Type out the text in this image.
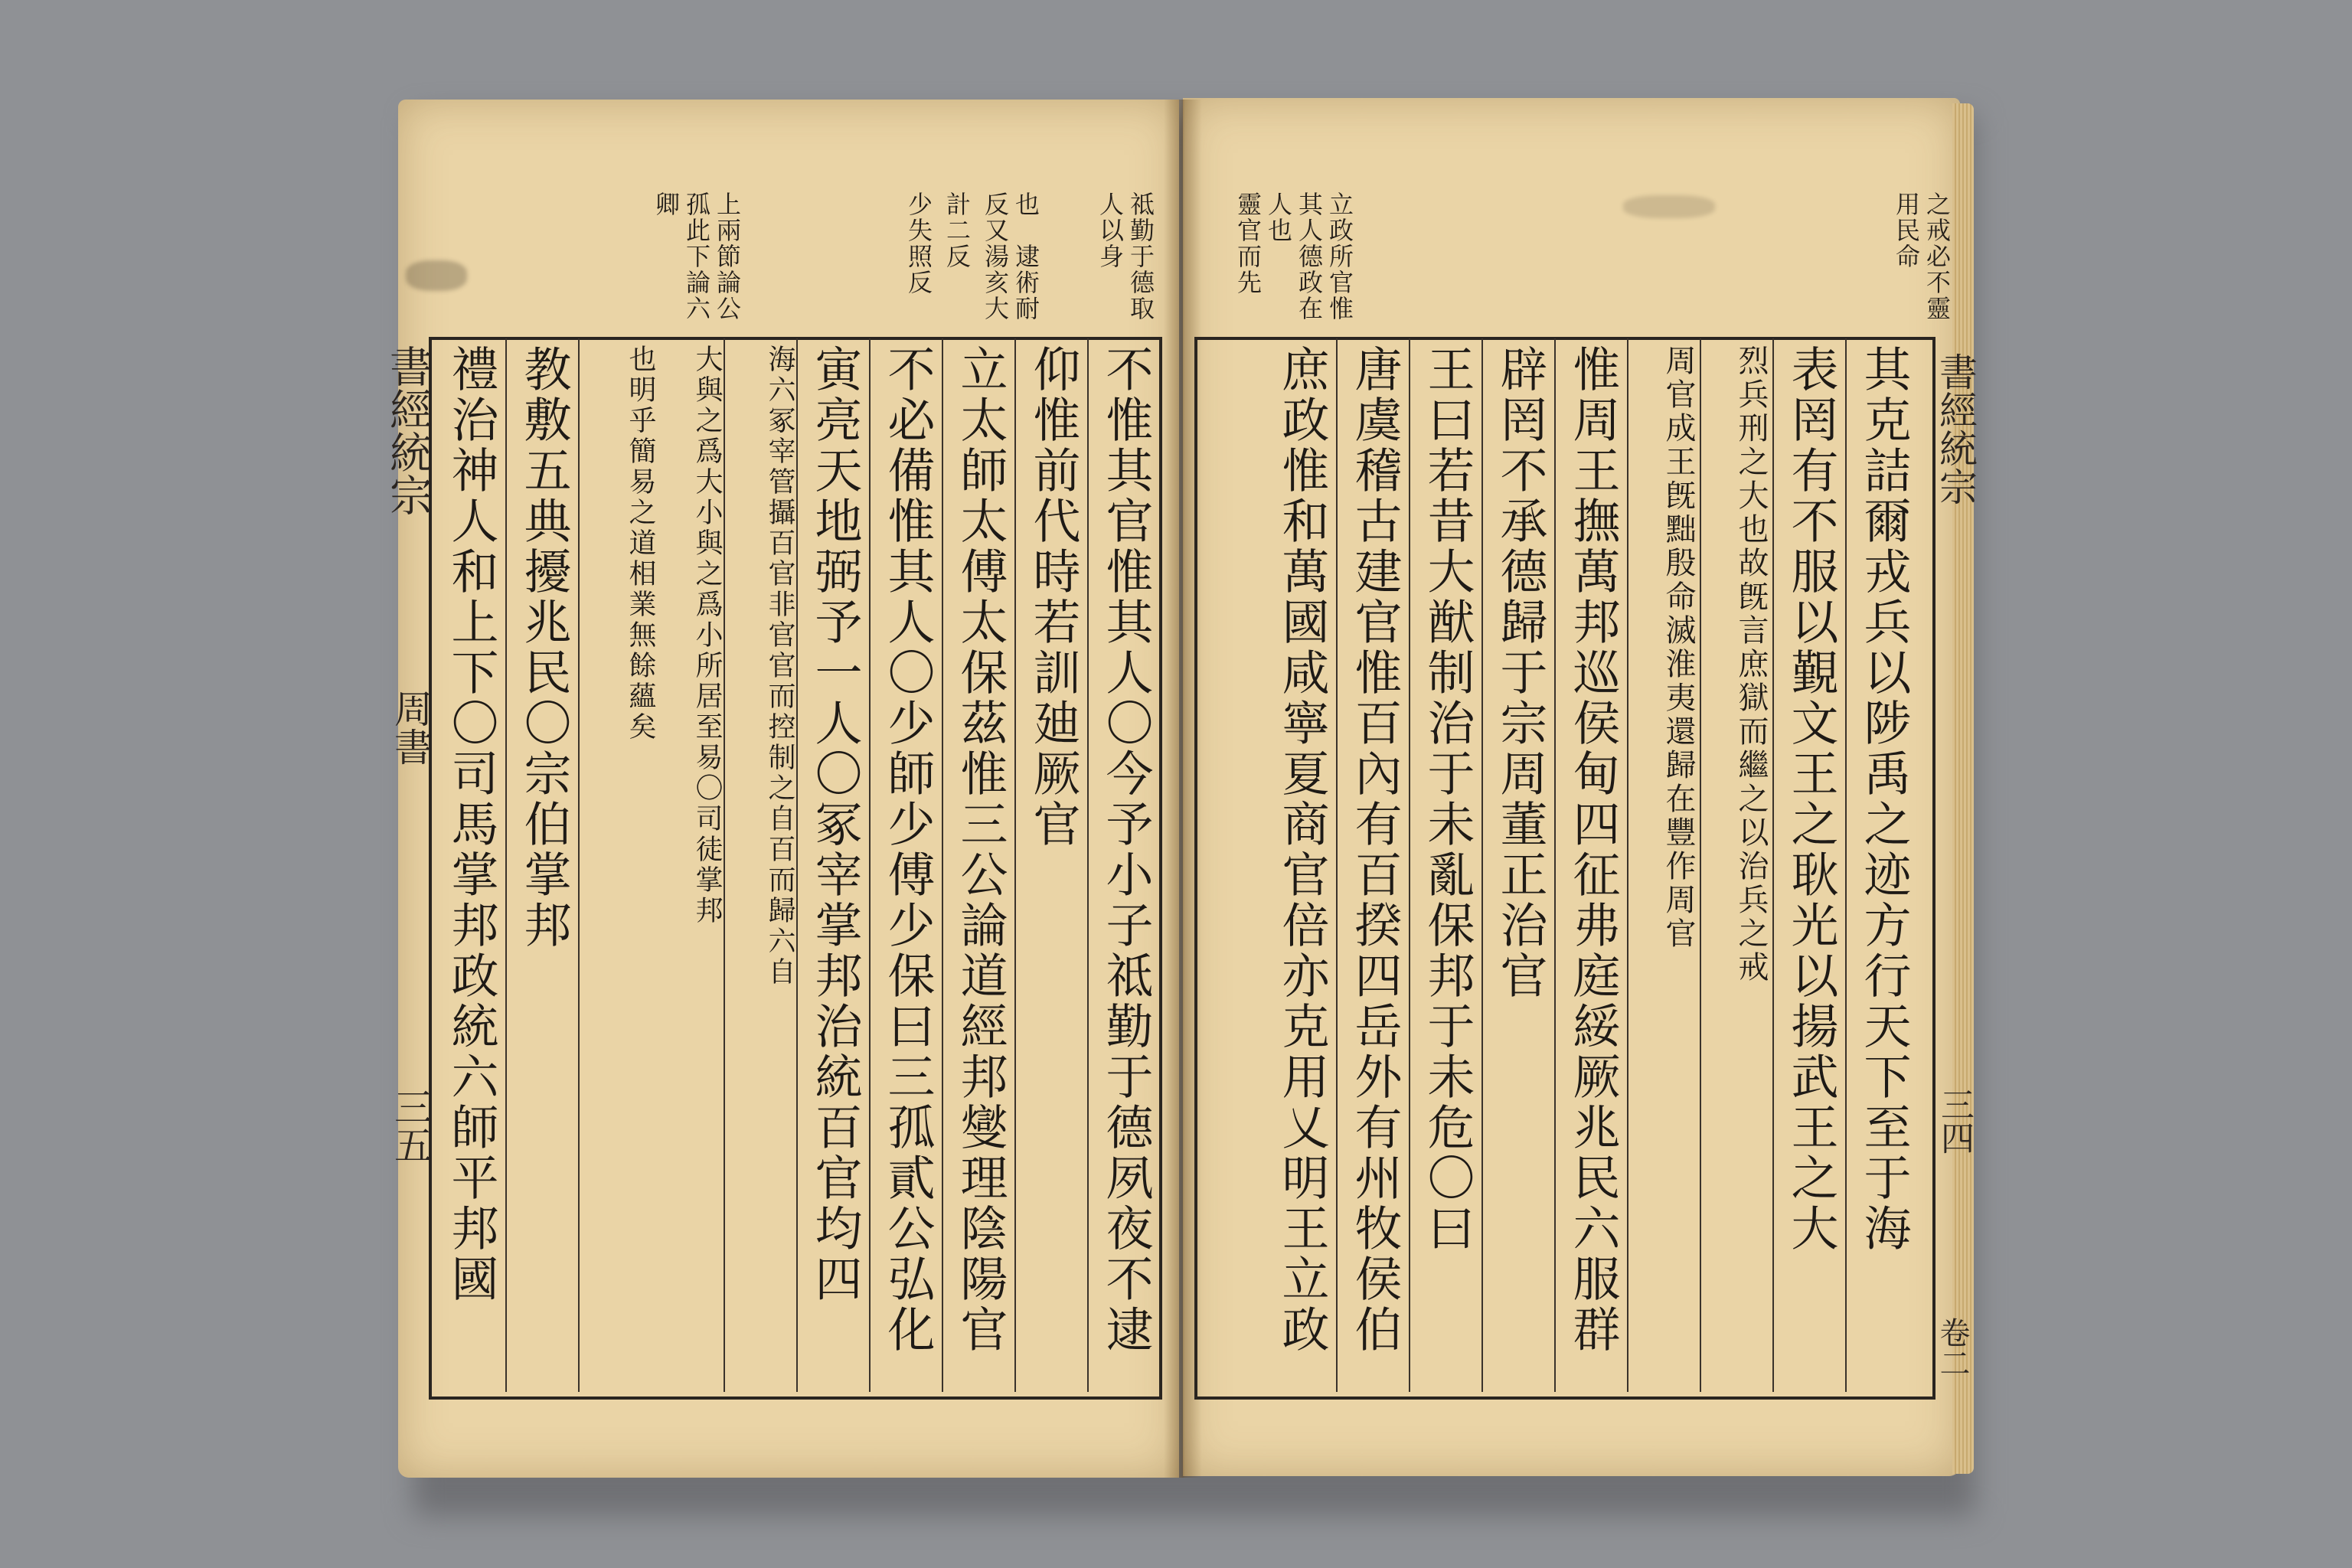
祗勤于德取人以身
也　逮術耐反又湯亥大
計二反
少失照反
上兩節論公孤此下論六卿
書經統宗
周書
三五	不惟其官惟其人〇今予小子祗勤于德夙夜不逮
仰惟前代時若訓廸厥官
立太師太傅太保茲惟三公論道經邦燮理陰陽官
不必備惟其人〇少師少傅少保曰三孤貳公弘化
寅亮天地弼予一人〇冢宰掌邦治統百官均四
海六冢宰管攝百官非官官而控制之自百而歸六自
大與之爲大小與之爲小所居至易〇司徒掌邦
也明乎簡易之道相業無餘蘊矣
教敷五典擾兆民〇宗伯掌邦
禮治神人和上下〇司馬掌邦政統六師平邦國
之戒必不靈用民命
立政所官惟其人德政在人也
靈官而先
書經統宗
三四
卷二
其克詰爾戎兵以陟禹之迹方行天下至于海
表罔有不服以覲文王之耿光以揚武王之大
烈兵刑之大也故旣言庶獄而繼之以治兵之戒
周官成王旣黜殷命滅淮夷還歸在豐作周官
惟周王撫萬邦巡侯甸四征弗庭綏厥兆民六服群
辟罔不承德歸于宗周董正治官
王曰若昔大猷制治于未亂保邦于未危〇曰
唐虞稽古建官惟百內有百揆四岳外有州牧侯伯
庶政惟和萬國咸寧夏商官倍亦克用乂明王立政
